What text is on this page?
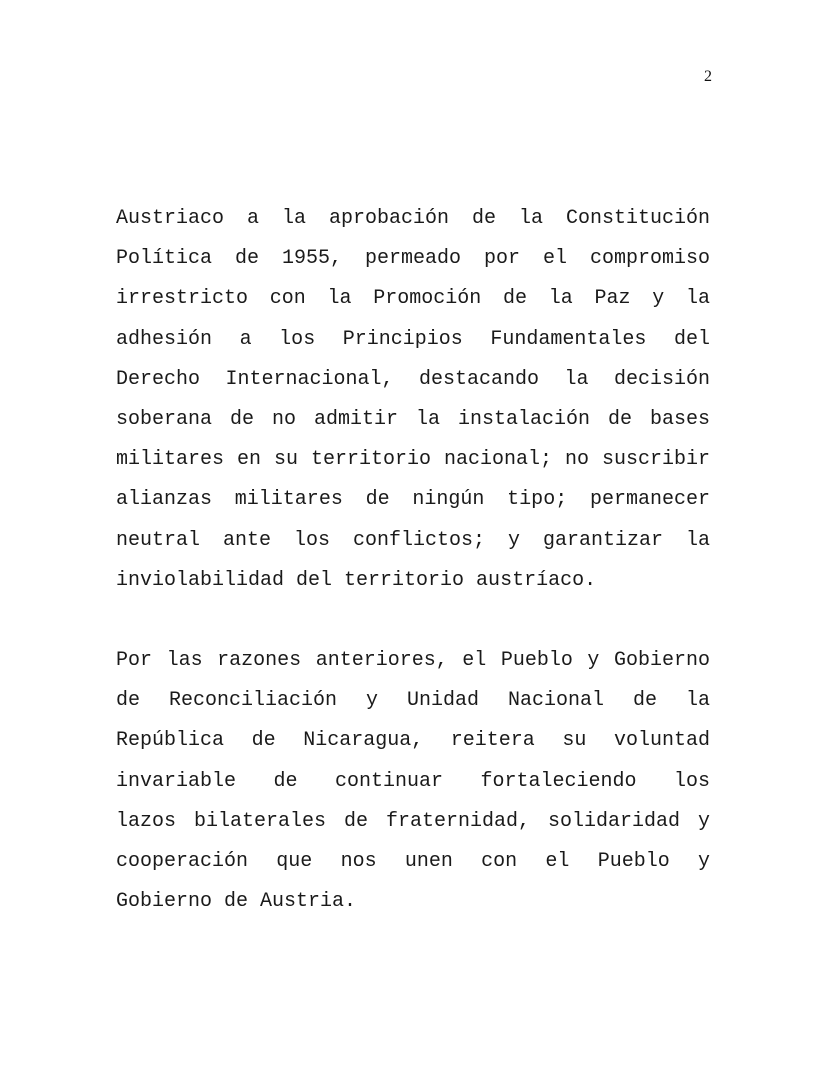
2
Austriaco a la aprobación de la Constitución
Política de 1955, permeado por el compromiso
irrestricto con la Promoción de la Paz y la
adhesión a los Principios Fundamentales del
Derecho Internacional, destacando la decisión
soberana de no admitir la instalación de bases
militares en su territorio nacional; no suscribir
alianzas militares de ningún tipo; permanecer
neutral ante los conflictos; y garantizar la
inviolabilidad del territorio austríaco.
Por las razones anteriores, el Pueblo y Gobierno
de Reconciliación y Unidad Nacional de la
República de Nicaragua, reitera su voluntad
invariable de continuar fortaleciendo los
lazos bilaterales de fraternidad, solidaridad y
cooperación que nos unen con el Pueblo y
Gobierno de Austria.
